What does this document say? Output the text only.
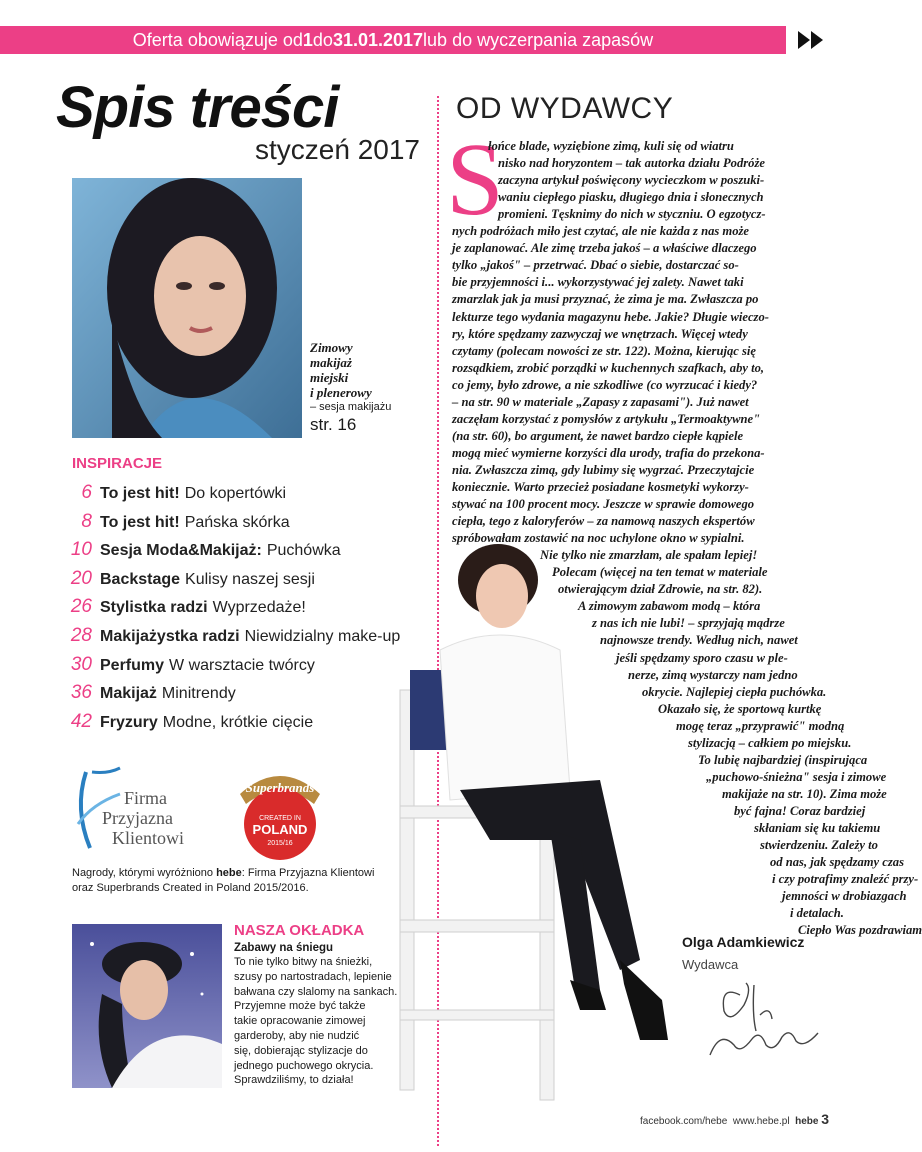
Oferta obowiązuje od 1 do 31.01.2017 lub do wyczerpania zapasów
Spis treści
styczeń 2017
Zimowy
makijaż
miejski
i plenerowy
– sesja makijażu
str. 16
INSPIRACJE
6 To jest hit! Do kopertówki
8 To jest hit! Pańska skórka
10 Sesja Moda&Makijaż: Puchówka
20 Backstage Kulisy naszej sesji
26 Stylistka radzi Wyprzedaże!
28 Makijażystka radzi Niewidzialny make-up
30 Perfumy W warsztacie twórcy
36 Makijaż Minitrendy
42 Fryzury Modne, krótkie cięcie
Firma
Przyjazna
Klientowi
Superbrands
CREATED IN
POLAND
2015/16
Nagrody, którymi wyróżniono hebe: Firma Przyjazna Klientowi
oraz Superbrands Created in Poland 2015/2016.
NASZA OKŁADKA
Zabawy na śniegu
To nie tylko bitwy na śnieżki,
szusy po nartostradach, lepienie
bałwana czy slalomy na sankach.
Przyjemne może być także
takie opracowanie zimowej
garderoby, aby nie nudzić
się, dobierając stylizacje do
jednego puchowego okrycia.
Sprawdziliśmy, to działa!
OD WYDAWCY
S
łońce blade, wyziębione zimą, kuli się od wiatru
nisko nad horyzontem – tak autorka działu Podróże
zaczyna artykuł poświęcony wycieczkom w poszuki-
waniu ciepłego piasku, długiego dnia i słonecznych
promieni. Tęsknimy do nich w styczniu. O egzotycz-
nych podróżach miło jest czytać, ale nie każda z nas może
je zaplanować. Ale zimę trzeba jakoś – a właściwe dlaczego
tylko „jakoś" – przetrwać. Dbać o siebie, dostarczać so-
bie przyjemności i... wykorzystywać jej zalety. Nawet taki
zmarzlak jak ja musi przyznać, że zima je ma. Zwłaszcza po
lekturze tego wydania magazynu hebe. Jakie? Długie wieczo-
ry, które spędzamy zazwyczaj we wnętrzach. Więcej wtedy
czytamy (polecam nowości ze str. 122). Można, kierując się
rozsądkiem, zrobić porządki w kuchennych szafkach, aby to,
co jemy, było zdrowe, a nie szkodliwe (co wyrzucać i kiedy?
– na str. 90 w materiale „Zapasy z zapasami"). Już nawet
zaczęłam korzystać z pomysłów z artykułu „Termoaktywne"
(na str. 60), bo argument, że nawet bardzo ciepłe kąpiele
mogą mieć wymierne korzyści dla urody, trafia do przekona-
nia. Zwłaszcza zimą, gdy lubimy się wygrzać. Przeczytajcie
koniecznie. Warto przecież posiadane kosmetyki wykorzy-
stywać na 100 procent mocy. Jeszcze w sprawie domowego
ciepła, tego z kaloryferów – za namową naszych ekspertów
spróbowałam zostawić na noc uchylone okno w sypialni.
Nie tylko nie zmarzłam, ale spałam lepiej!
Polecam (więcej na ten temat w materiale
otwierającym dział Zdrowie, na str. 82).
A zimowym zabawom modą – która
z nas ich nie lubi! – sprzyjają mądrze
najnowsze trendy. Według nich, nawet
jeśli spędzamy sporo czasu w ple-
nerze, zimą wystarczy nam jedno
okrycie. Najlepiej ciepła puchówka.
Okazało się, że sportową kurtkę
mogę teraz „przyprawić" modną
stylizacją – całkiem po miejsku.
To lubię najbardziej (inspirująca
„puchowo-śnieżna" sesja i zimowe
makijaże na str. 10). Zima może
być fajna! Coraz bardziej
skłaniam się ku takiemu
stwierdzeniu. Zależy to
od nas, jak spędzamy czas
i czy potrafimy znaleźć przy-
jemności w drobiazgach
i detalach.
Ciepło Was pozdrawiam
Olga Adamkiewicz
Wydawca
facebook.com/hebe www.hebe.pl hebe 3
